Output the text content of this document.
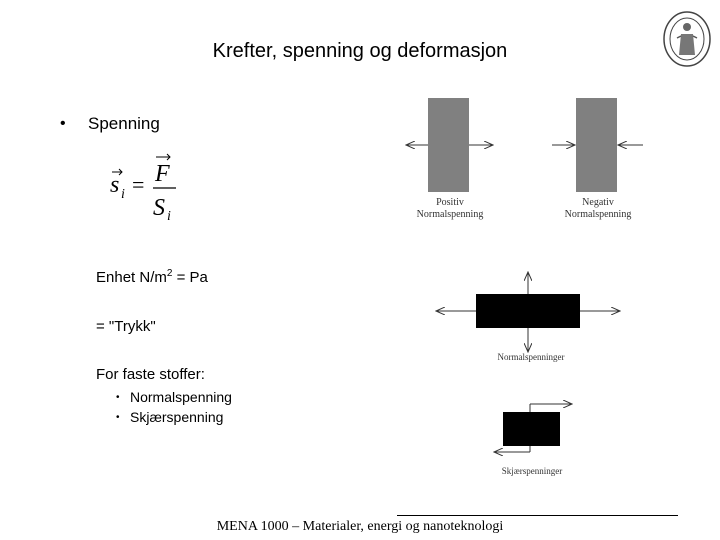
Krefter, spenning og deformasjon
• Spenning
s i = F
S i
Enhet $N/m^2 = Pa$
= "Trykk"
For faste stoffer:
• Normalspenning
• Skjærspenning
Positiv
Normalspenning
Negativ
Normalspenning
Normalspenninger
Skjærspenninger
MENA 1000 – Materialer, energi og nanoteknologi
